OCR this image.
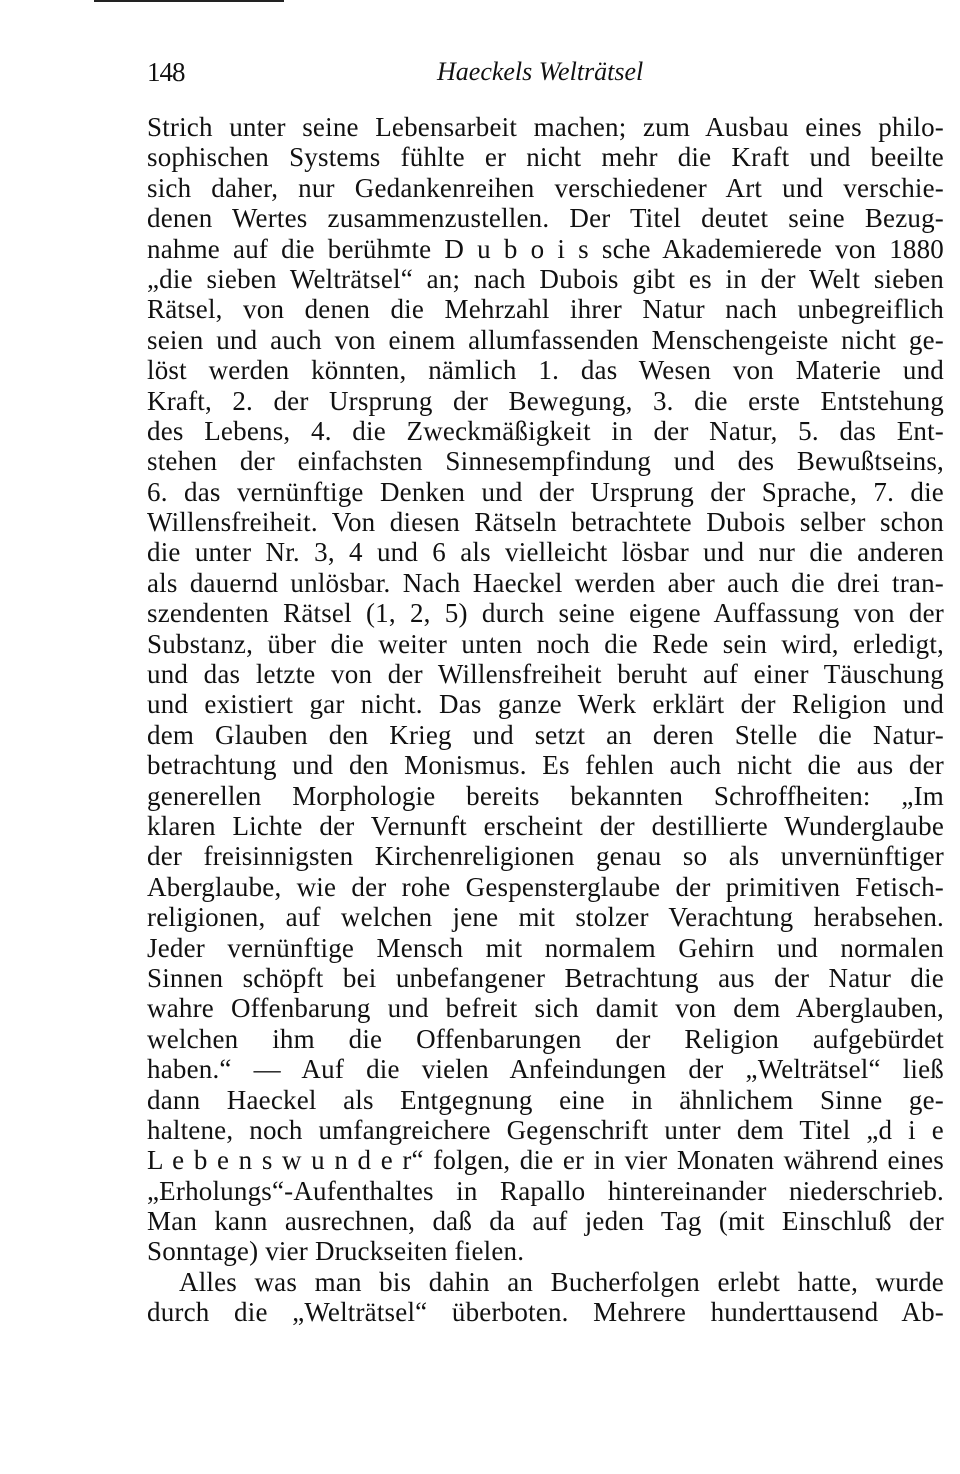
148	Haeckels Welträtsel
Strich unter seine Lebensarbeit machen; zum Ausbau eines philo-
sophischen Systems fühlte er nicht mehr die Kraft und beeilte
sich daher, nur Gedankenreihen verschiedener Art und verschie-
denen Wertes zusammenzustellen. Der Titel deutet seine Bezug-
nahme auf die berühmte D u b o i s sche Akademierede von 1880
„die sieben Welträtsel“ an; nach Dubois gibt es in der Welt sieben
Rätsel, von denen die Mehrzahl ihrer Natur nach unbegreiflich
seien und auch von einem allumfassenden Menschengeiste nicht ge-
löst werden könnten, nämlich 1. das Wesen von Materie und
Kraft, 2. der Ursprung der Bewegung, 3. die erste Entstehung
des Lebens, 4. die Zweckmäßigkeit in der Natur, 5. das Ent-
stehen der einfachsten Sinnesempfindung und des Bewußtseins,
6. das vernünftige Denken und der Ursprung der Sprache, 7. die
Willensfreiheit. Von diesen Rätseln betrachtete Dubois selber schon
die unter Nr. 3, 4 und 6 als vielleicht lösbar und nur die anderen
als dauernd unlösbar. Nach Haeckel werden aber auch die drei tran-
szendenten Rätsel (1, 2, 5) durch seine eigene Auffassung von der
Substanz, über die weiter unten noch die Rede sein wird, erledigt,
und das letzte von der Willensfreiheit beruht auf einer Täuschung
und existiert gar nicht. Das ganze Werk erklärt der Religion und
dem Glauben den Krieg und setzt an deren Stelle die Natur-
betrachtung und den Monismus. Es fehlen auch nicht die aus der
generellen Morphologie bereits bekannten Schroffheiten: „Im
klaren Lichte der Vernunft erscheint der destillierte Wunderglaube
der freisinnigsten Kirchenreligionen genau so als unvernünftiger
Aberglaube, wie der rohe Gespensterglaube der primitiven Fetisch-
religionen, auf welchen jene mit stolzer Verachtung herabsehen.
Jeder vernünftige Mensch mit normalem Gehirn und normalen
Sinnen schöpft bei unbefangener Betrachtung aus der Natur die
wahre Offenbarung und befreit sich damit von dem Aberglauben,
welchen ihm die Offenbarungen der Religion aufgebürdet
haben.“ — Auf die vielen Anfeindungen der „Welträtsel“ ließ
dann Haeckel als Entgegnung eine in ähnlichem Sinne ge-
haltene, noch umfangreichere Gegenschrift unter dem Titel „d i e
L e b e n s w u n d e r“ folgen, die er in vier Monaten während eines
„Erholungs“-Aufenthaltes in Rapallo hintereinander niederschrieb.
Man kann ausrechnen, daß da auf jeden Tag (mit Einschluß der
Sonntage) vier Druckseiten fielen.
Alles was man bis dahin an Bucherfolgen erlebt hatte, wurde
durch die „Welträtsel“ überboten. Mehrere hunderttausend Ab-
